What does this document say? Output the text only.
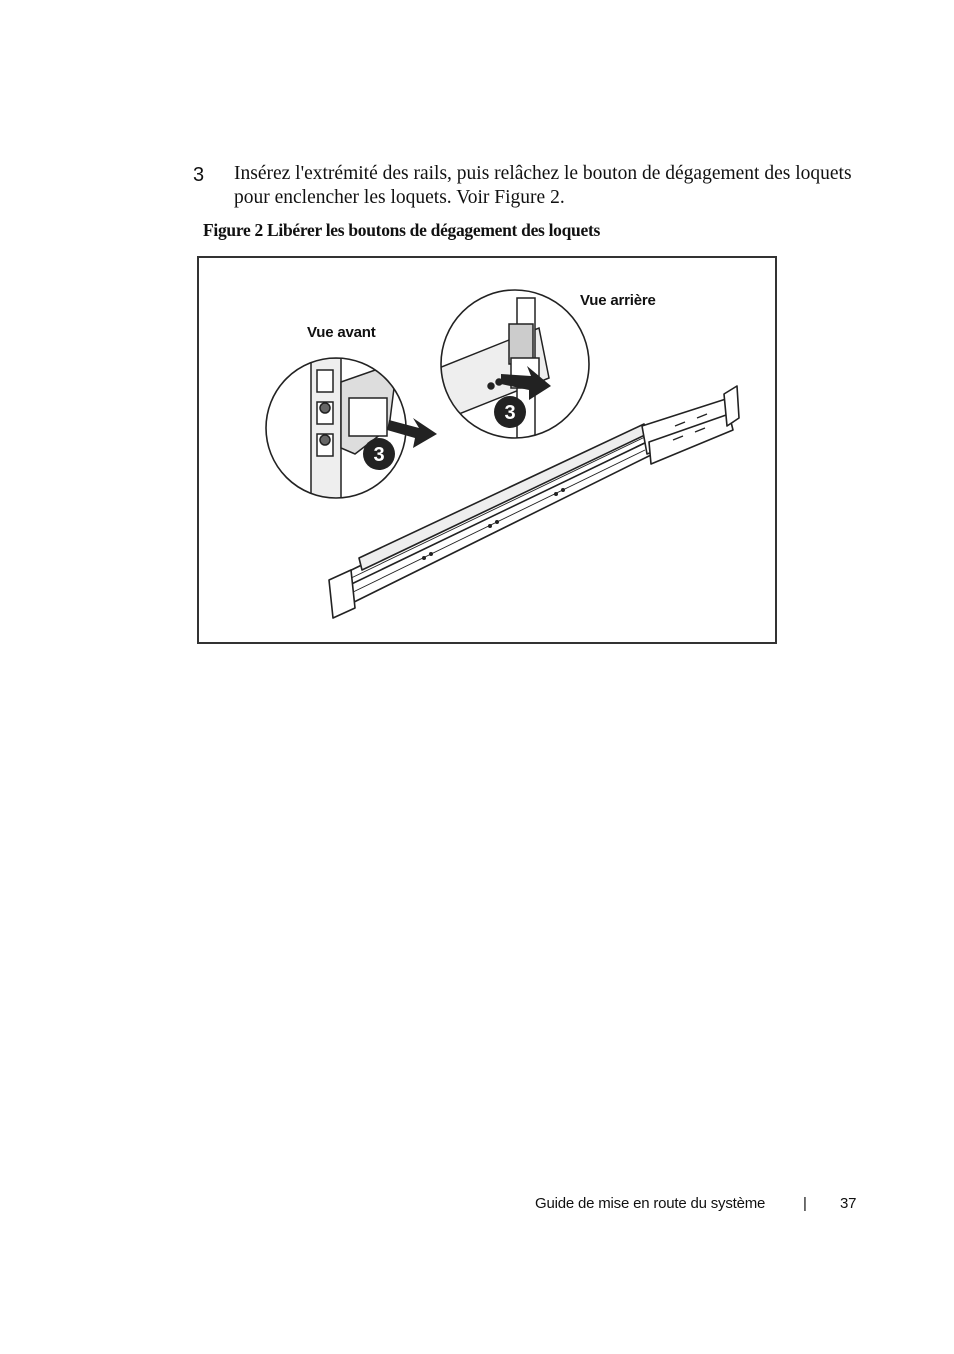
3 Insérez l'extrémité des rails, puis relâchez le bouton de dégagement des loquets pour enclencher les loquets. Voir Figure 2.
Figure 2 Libérer les boutons de dégagement des loquets
3
3
Vue avant
Vue arrière
Guide de mise en route du système	| 37
